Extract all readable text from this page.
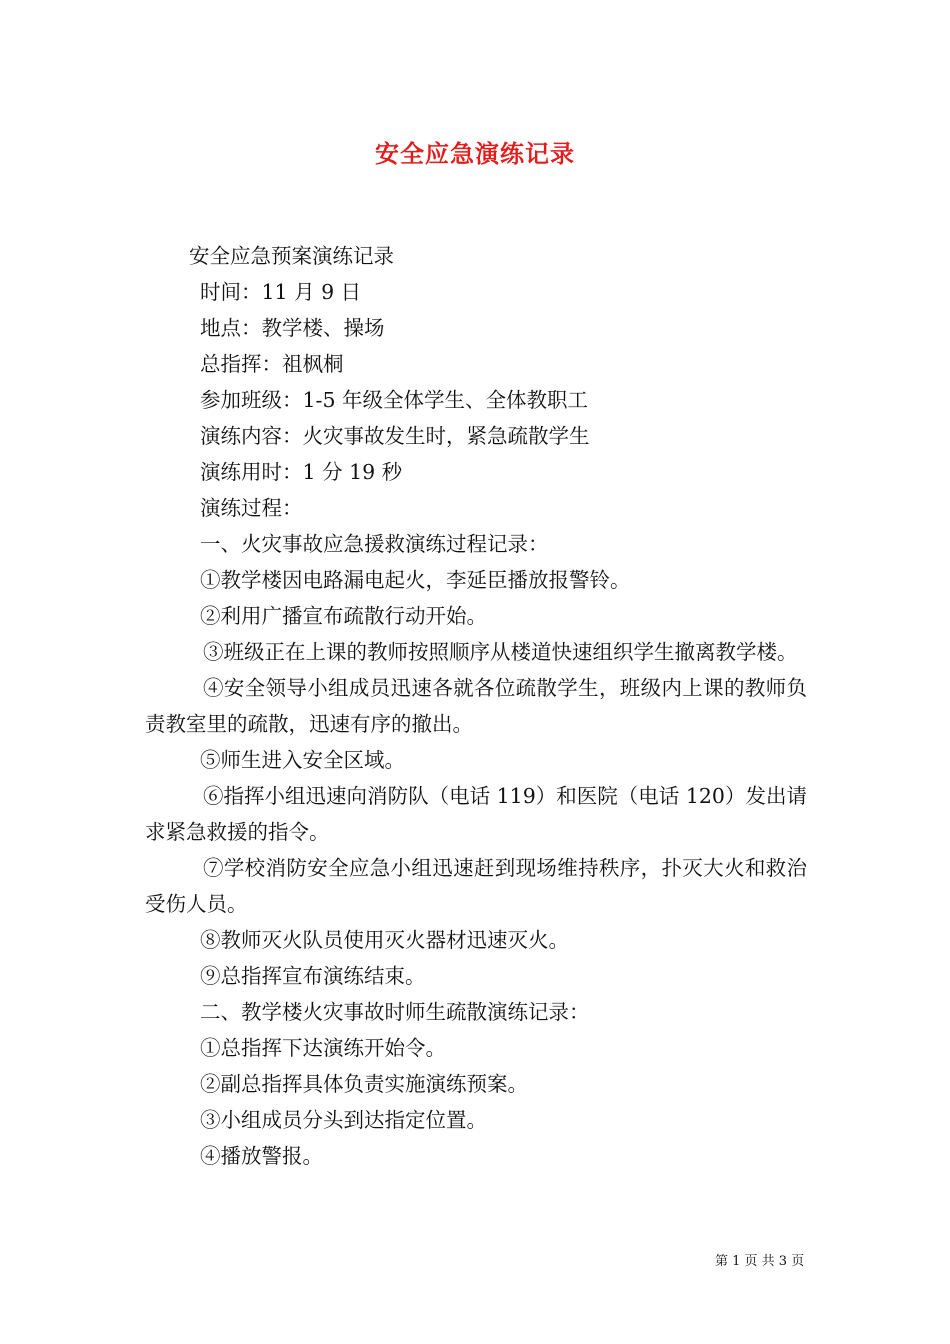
安全应急演练记录

安全应急预案演练记录

时间：11 月 9 日

地点：教学楼、操场

总指挥：祖枫桐

参加班级：1-5 年级全体学生、全体教职工

演练内容：火灾事故发生时，紧急疏散学生

演练用时：1 分 19 秒

演练过程：

一、火灾事故应急援救演练过程记录：

①教学楼因电路漏电起火，李延臣播放报警铃。

②利用广播宣布疏散行动开始。

③班级正在上课的教师按照顺序从楼道快速组织学生撤离教学楼。

④安全领导小组成员迅速各就各位疏散学生，班级内上课的教师负责教室里的疏散，迅速有序的撤出。

⑤师生进入安全区域。

⑥指挥小组迅速向消防队（电话 119）和医院（电话 120）发出请求紧急救援的指令。

⑦学校消防安全应急小组迅速赶到现场维持秩序，扑灭大火和救治受伤人员。

⑧教师灭火队员使用灭火器材迅速灭火。

⑨总指挥宣布演练结束。

二、教学楼火灾事故时师生疏散演练记录：

①总指挥下达演练开始令。

②副总指挥具体负责实施演练预案。

③小组成员分头到达指定位置。

④播放警报。

第 1 页 共 3 页
